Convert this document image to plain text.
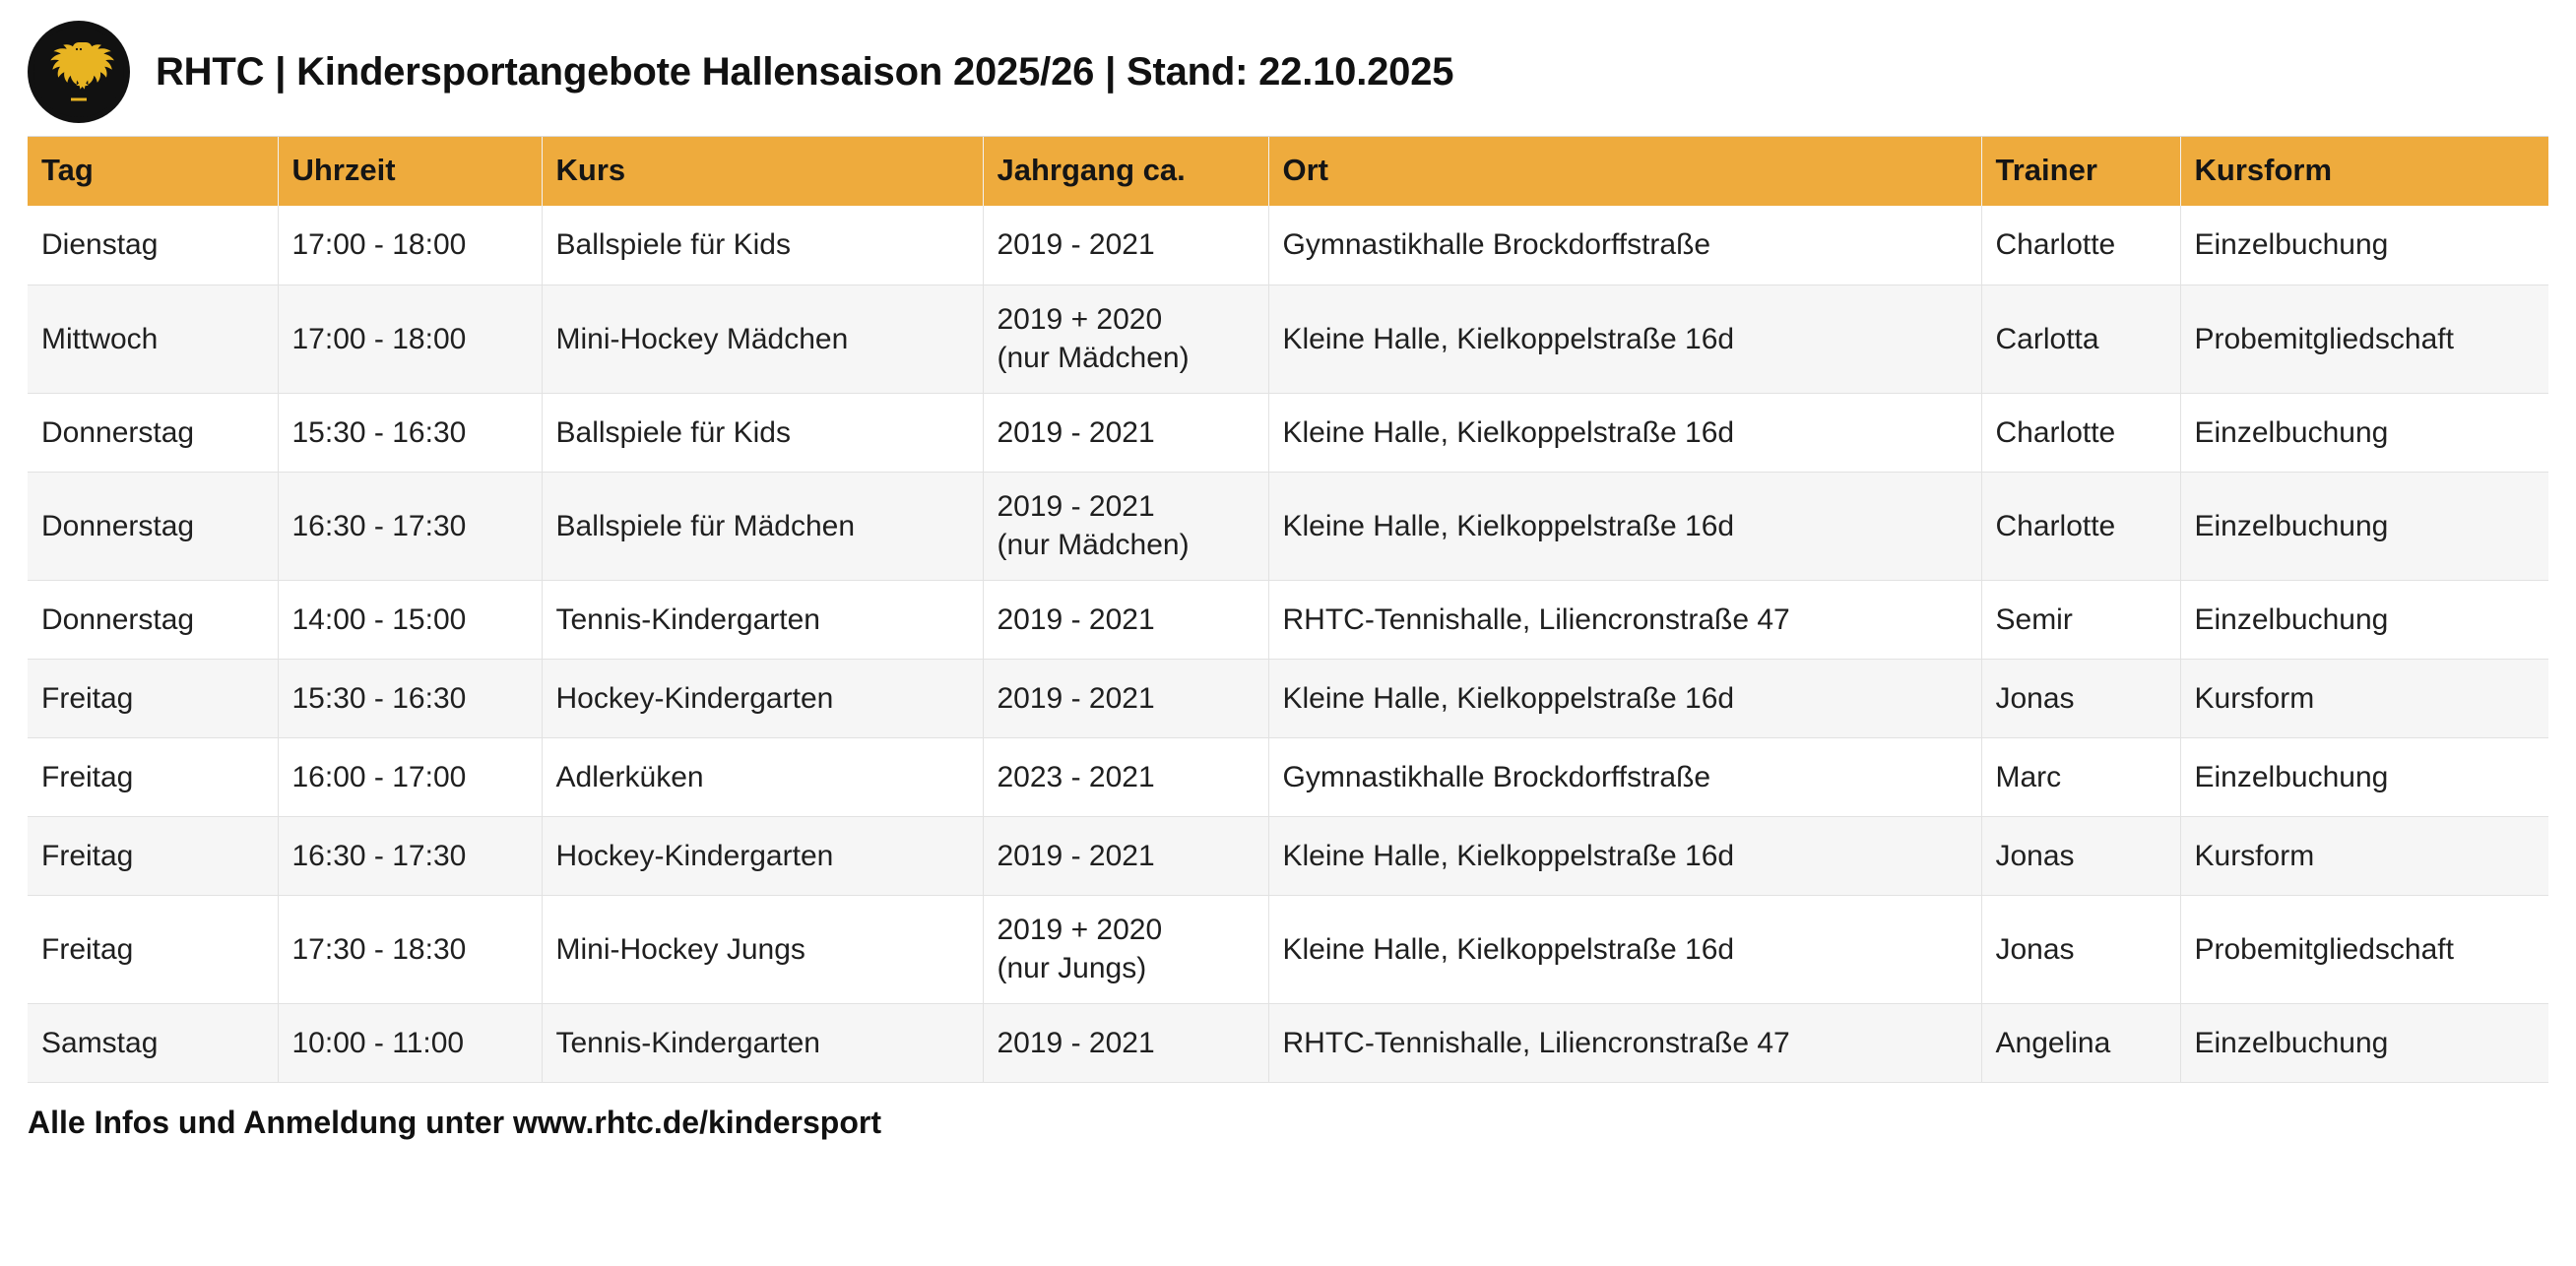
RHTC | Kindersportangebote Hallensaison 2025/26 | Stand: 22.10.2025
Tag	Uhrzeit	Kurs	Jahrgang ca.	Ort	Trainer	Kursform
Dienstag	17:00 - 18:00	Ballspiele für Kids	2019 - 2021	Gymnastikhalle Brockdorffstraße	Charlotte	Einzelbuchung
Mittwoch	17:00 - 18:00	Mini-Hockey Mädchen	2019 + 2020
(nur Mädchen)	Kleine Halle, Kielkoppelstraße 16d	Carlotta	Probemitgliedschaft
Donnerstag	15:30 - 16:30	Ballspiele für Kids	2019 - 2021	Kleine Halle, Kielkoppelstraße 16d	Charlotte	Einzelbuchung
Donnerstag	16:30 - 17:30	Ballspiele für Mädchen	2019 - 2021
(nur Mädchen)	Kleine Halle, Kielkoppelstraße 16d	Charlotte	Einzelbuchung
Donnerstag	14:00 - 15:00	Tennis-Kindergarten	2019 - 2021	RHTC-Tennishalle, Liliencronstraße 47	Semir	Einzelbuchung
Freitag	15:30 - 16:30	Hockey-Kindergarten	2019 - 2021	Kleine Halle, Kielkoppelstraße 16d	Jonas	Kursform
Freitag	16:00 - 17:00	Adlerküken	2023 - 2021	Gymnastikhalle Brockdorffstraße	Marc	Einzelbuchung
Freitag	16:30 - 17:30	Hockey-Kindergarten	2019 - 2021	Kleine Halle, Kielkoppelstraße 16d	Jonas	Kursform
Freitag	17:30 - 18:30	Mini-Hockey Jungs	2019 + 2020
(nur Jungs)	Kleine Halle, Kielkoppelstraße 16d	Jonas	Probemitgliedschaft
Samstag	10:00 - 11:00	Tennis-Kindergarten	2019 - 2021	RHTC-Tennishalle, Liliencronstraße 47	Angelina	Einzelbuchung
Alle Infos und Anmeldung unter www.rhtc.de/kindersport
